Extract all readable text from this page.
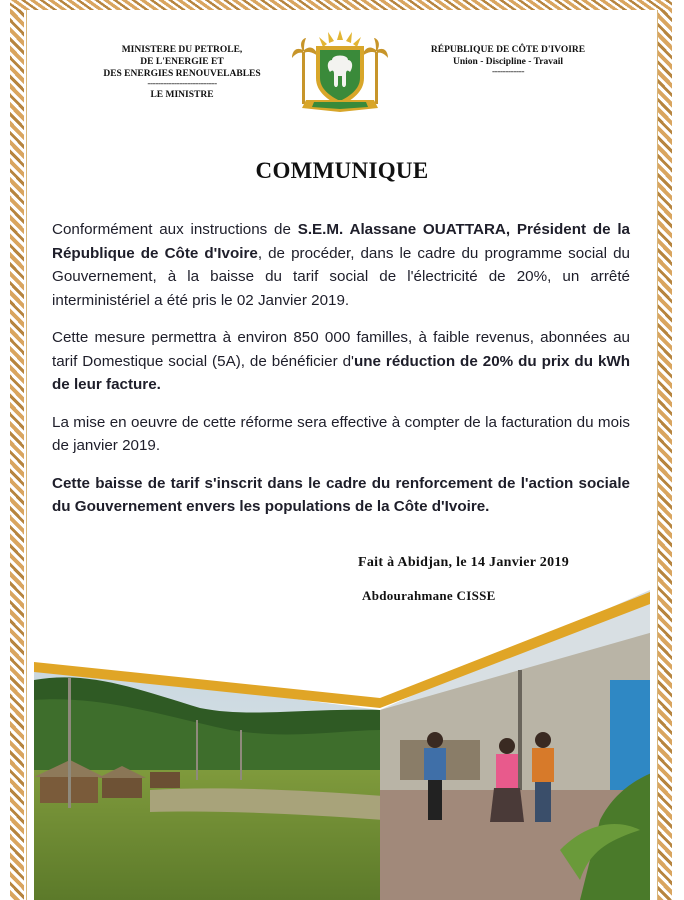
MINISTERE DU PETROLE,
DE L'ENERGIE ET
DES ENERGIES RENOUVELABLES
--------------------------
LE MINISTRE
RÉPUBLIQUE DE CÔTE D'IVOIRE
Union - Discipline - Travail
------------
COMMUNIQUE

Conformément aux instructions de S.E.M. Alassane OUATTARA, Président de la République de Côte d'Ivoire, de procéder, dans le cadre du programme social du Gouvernement, à la baisse du tarif social de l'électricité de 20%, un arrêté interministériel a été pris le 02 Janvier 2019.

Cette mesure permettra à environ 850 000 familles, à faible revenus, abonnées au tarif Domestique social (5A), de bénéficier d'une réduction de 20% du prix du kWh de leur facture.

La mise en oeuvre de cette réforme sera effective à compter de la facturation du mois de janvier 2019.

Cette baisse de tarif s'inscrit dans le cadre du renforcement de l'action sociale du Gouvernement envers les populations de la Côte d'Ivoire.

Fait à Abidjan, le 14 Janvier 2019
Abdourahmane CISSE
